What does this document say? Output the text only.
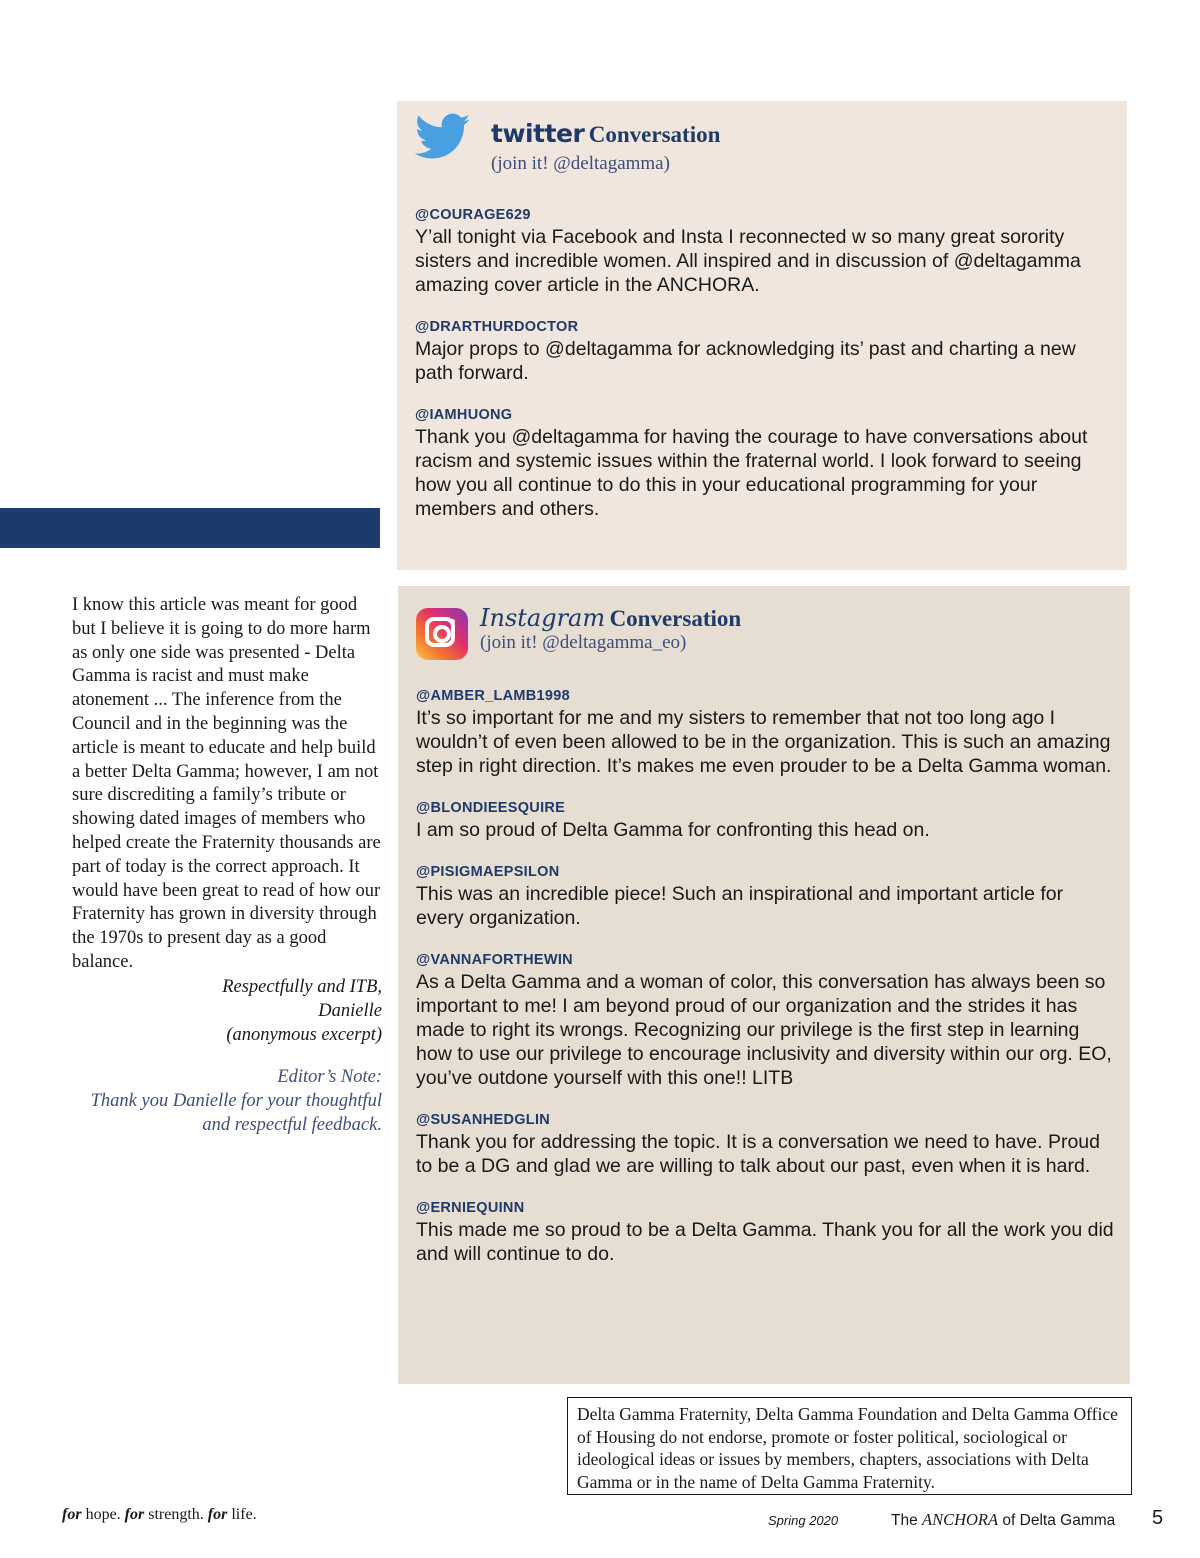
twitter Conversation
(join it! @deltagamma)
@COURAGE629
Y’all tonight via Facebook and Insta I reconnected w so many great sorority sisters and incredible women. All inspired and in discussion of @deltagamma amazing cover article in the ANCHORA.
@DRARTHURDOCTOR
Major props to @deltagamma for acknowledging its’ past and charting a new path forward.
@IAMHUONG
Thank you @deltagamma for having the courage to have conversations about racism and systemic issues within the fraternal world. I look forward to seeing how you all continue to do this in your educational programming for your members and others.
Instagram Conversation
(join it! @deltagamma_eo)
@AMBER_LAMB1998
It’s so important for me and my sisters to remember that not too long ago I wouldn’t of even been allowed to be in the organization. This is such an amazing step in right direction. It’s makes me even prouder to be a Delta Gamma woman.
@BLONDIEESQUIRE
I am so proud of Delta Gamma for confronting this head on.
@PISIGMAEPSILON
This was an incredible piece! Such an inspirational and important article for every organization.
@VANNAFORTHEWIN
As a Delta Gamma and a woman of color, this conversation has always been so important to me! I am beyond proud of our organization and the strides it has made to right its wrongs. Recognizing our privilege is the first step in learning how to use our privilege to encourage inclusivity and diversity within our org. EO, you’ve outdone yourself with this one!! LITB
@SUSANHEDGLIN
Thank you for addressing the topic. It is a conversation we need to have. Proud to be a DG and glad we are willing to talk about our past, even when it is hard.
@ERNIEQUINN
This made me so proud to be a Delta Gamma. Thank you for all the work you did and will continue to do.
I know this article was meant for good but I believe it is going to do more harm as only one side was presented - Delta Gamma is racist and must make atonement ... The inference from the Council and in the beginning was the article is meant to educate and help build a better Delta Gamma; however, I am not sure discrediting a family’s tribute or showing dated images of members who helped create the Fraternity thousands are part of today is the correct approach. It would have been great to read of how our Fraternity has grown in diversity through the 1970s to present day as a good balance.
Respectfully and ITB,
Danielle
(anonymous excerpt)
Editor’s Note:
Thank you Danielle for your thoughtful
and respectful feedback.
Delta Gamma Fraternity, Delta Gamma Foundation and Delta Gamma Office of Housing do not endorse, promote or foster political, sociological or ideological ideas or issues by members, chapters, associations with Delta Gamma or in the name of Delta Gamma Fraternity.
for hope. for strength. for life.	Spring 2020	The ANCHORA of Delta Gamma 5
